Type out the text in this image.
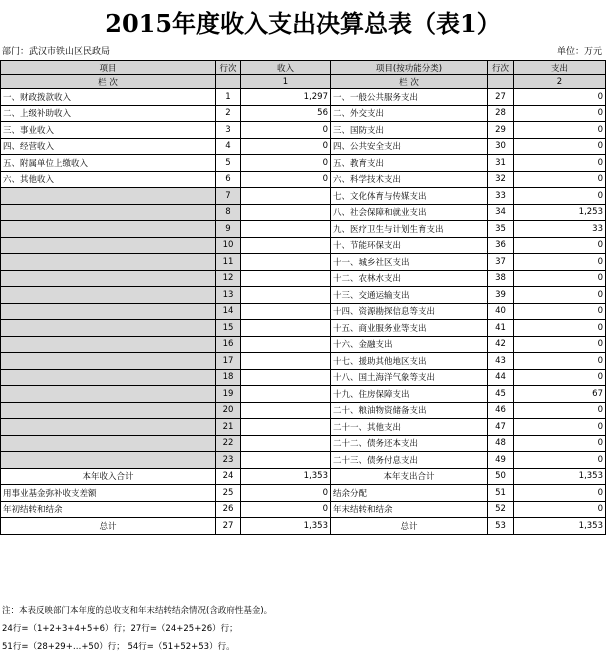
2015年度收入支出决算总表（表1）
部门：武汉市铁山区民政局	单位：万元
项目	行次	收入	项目(按功能分类)	行次	支出
栏 次		1	栏 次		2
一、财政拨款收入	1	1,297	一、一般公共服务支出	27	0
二、上级补助收入	2	56	二、外交支出	28	0
三、事业收入	3	0	三、国防支出	29	0
四、经营收入	4	0	四、公共安全支出	30	0
五、附属单位上缴收入	5	0	五、教育支出	31	0
六、其他收入	6	0	六、科学技术支出	32	0
	7		七、文化体育与传媒支出	33	0
	8		八、社会保障和就业支出	34	1,253
	9		九、医疗卫生与计划生育支出	35	33
	10		十、节能环保支出	36	0
	11		十一、城乡社区支出	37	0
	12		十二、农林水支出	38	0
	13		十三、交通运输支出	39	0
	14		十四、资源勘探信息等支出	40	0
	15		十五、商业服务业等支出	41	0
	16		十六、金融支出	42	0
	17		十七、援助其他地区支出	43	0
	18		十八、国土海洋气象等支出	44	0
	19		十九、住房保障支出	45	67
	20		二十、粮油物资储备支出	46	0
	21		二十一、其他支出	47	0
	22		二十二、债务还本支出	48	0
	23		二十三、债务付息支出	49	0
本年收入合计	24	1,353	本年支出合计	50	1,353
用事业基金弥补收支差额	25	0	结余分配	51	0
年初结转和结余	26	0	年末结转和结余	52	0
总计	27	1,353	总计	53	1,353
注：本表反映部门本年度的总收支和年末结转结余情况(含政府性基金)。
24行=（1+2+3+4+5+6）行；27行=（24+25+26）行；
51行=（28+29+…+50）行； 54行=（51+52+53）行。
